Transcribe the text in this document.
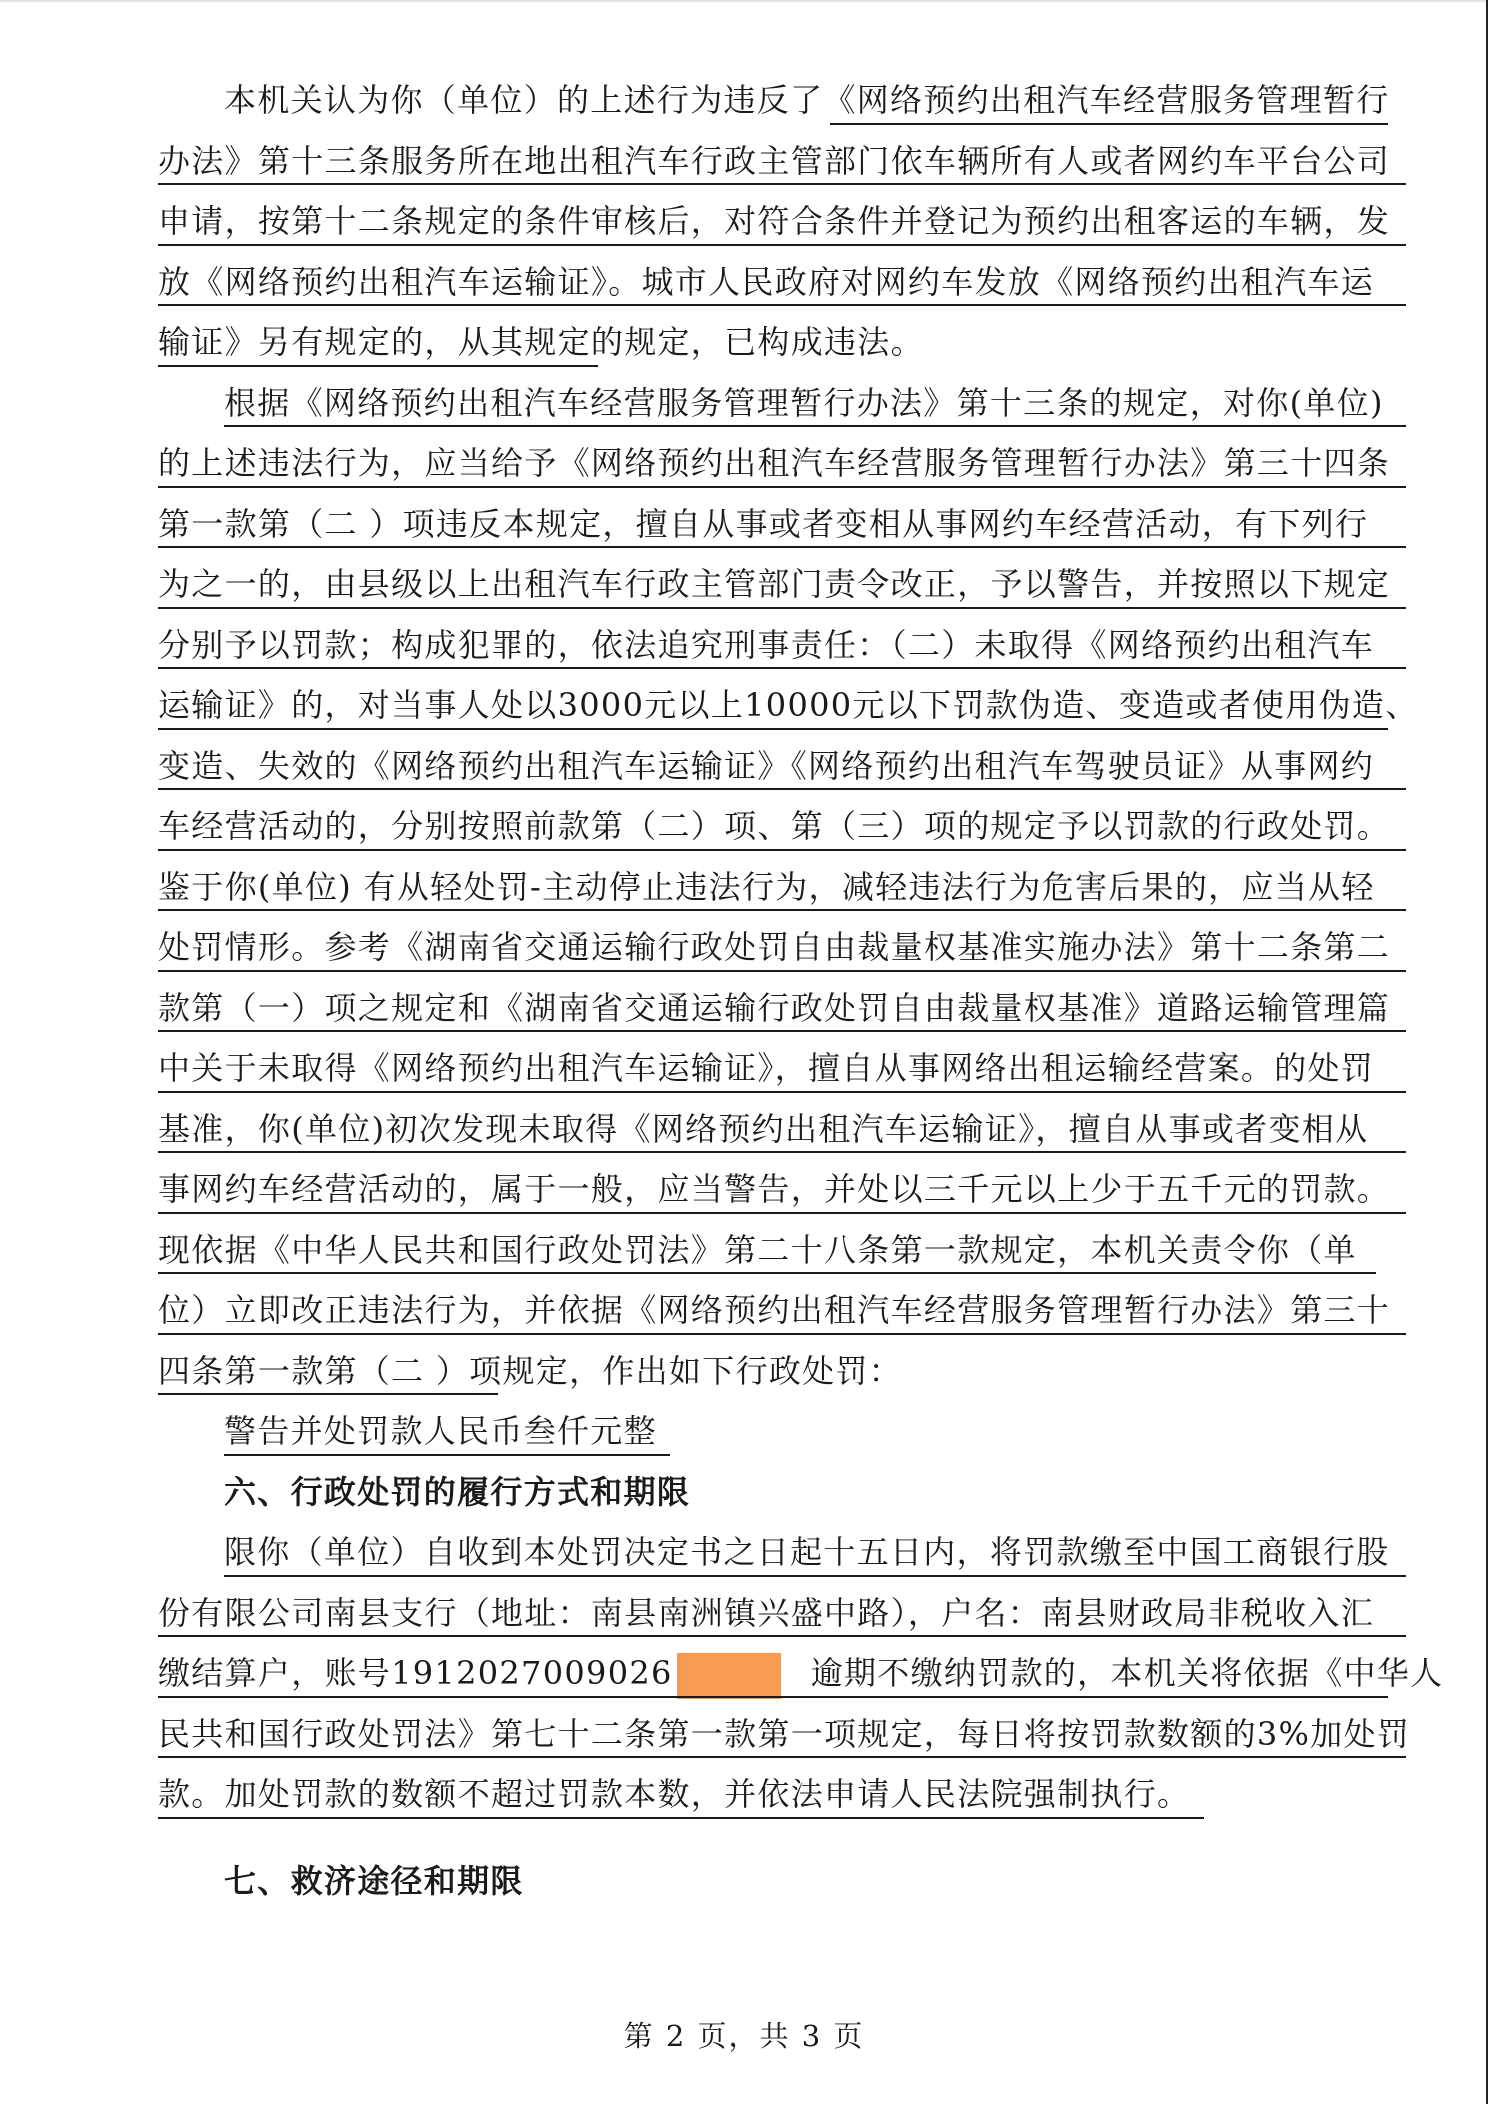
本机关认为你（单位）的上述行为违反了《网络预约出租汽车经营服务管理暂行
办法》第十三条服务所在地出租汽车行政主管部门依车辆所有人或者网约车平台公司
申请，按第十二条规定的条件审核后，对符合条件并登记为预约出租客运的车辆，发
放《网络预约出租汽车运输证》。城市人民政府对网约车发放《网络预约出租汽车运
输证》另有规定的，从其规定的规定，已构成违法。
根据《网络预约出租汽车经营服务管理暂行办法》第十三条的规定，对你(单位)
的上述违法行为，应当给予《网络预约出租汽车经营服务管理暂行办法》第三十四条
第一款第（二 ）项违反本规定，擅自从事或者变相从事网约车经营活动，有下列行
为之一的，由县级以上出租汽车行政主管部门责令改正，予以警告，并按照以下规定
分别予以罚款；构成犯罪的，依法追究刑事责任：（二）未取得《网络预约出租汽车
运输证》的，对当事人处以3000元以上10000元以下罚款伪造、变造或者使用伪造、
变造、失效的《网络预约出租汽车运输证》《网络预约出租汽车驾驶员证》从事网约
车经营活动的，分别按照前款第（二）项、第（三）项的规定予以罚款的行政处罚。
鉴于你(单位) 有从轻处罚-主动停止违法行为，减轻违法行为危害后果的，应当从轻
处罚情形。参考《湖南省交通运输行政处罚自由裁量权基准实施办法》第十二条第二
款第（一）项之规定和《湖南省交通运输行政处罚自由裁量权基准》道路运输管理篇
中关于未取得《网络预约出租汽车运输证》，擅自从事网络出租运输经营案。的处罚
基准，你(单位)初次发现未取得《网络预约出租汽车运输证》，擅自从事或者变相从
事网约车经营活动的，属于一般，应当警告，并处以三千元以上少于五千元的罚款。
现依据《中华人民共和国行政处罚法》第二十八条第一款规定，本机关责令你（单
位）立即改正违法行为，并依据《网络预约出租汽车经营服务管理暂行办法》第三十
四条第一款第（二 ）项规定，作出如下行政处罚：
警告并处罚款人民币叁仟元整
六、行政处罚的履行方式和期限
限你（单位）自收到本处罚决定书之日起十五日内，将罚款缴至中国工商银行股
份有限公司南县支行（地址：南县南洲镇兴盛中路），户名：南县财政局非税收入汇
缴结算户，账号1912027009026	逾期不缴纳罚款的，本机关将依据《中华人
民共和国行政处罚法》第七十二条第一款第一项规定，每日将按罚款数额的3%加处罚
款。加处罚款的数额不超过罚款本数，并依法申请人民法院强制执行。
七、救济途径和期限
第 2 页，共 3 页
